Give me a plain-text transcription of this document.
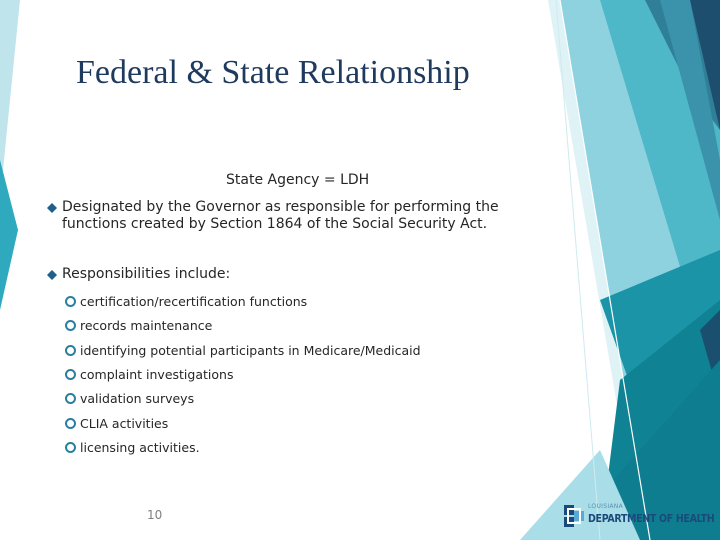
Federal & State Relationship
State Agency = LDH
Designated by the Governor as responsible for performing the functions created by Section 1864 of the Social Security Act.
Responsibilities include:
certification/recertification functions
records maintenance
identifying potential participants in Medicare/Medicaid
complaint investigations
validation surveys
CLIA activities
licensing activities.
10
LOUISIANA
DEPARTMENT OF HEALTH
